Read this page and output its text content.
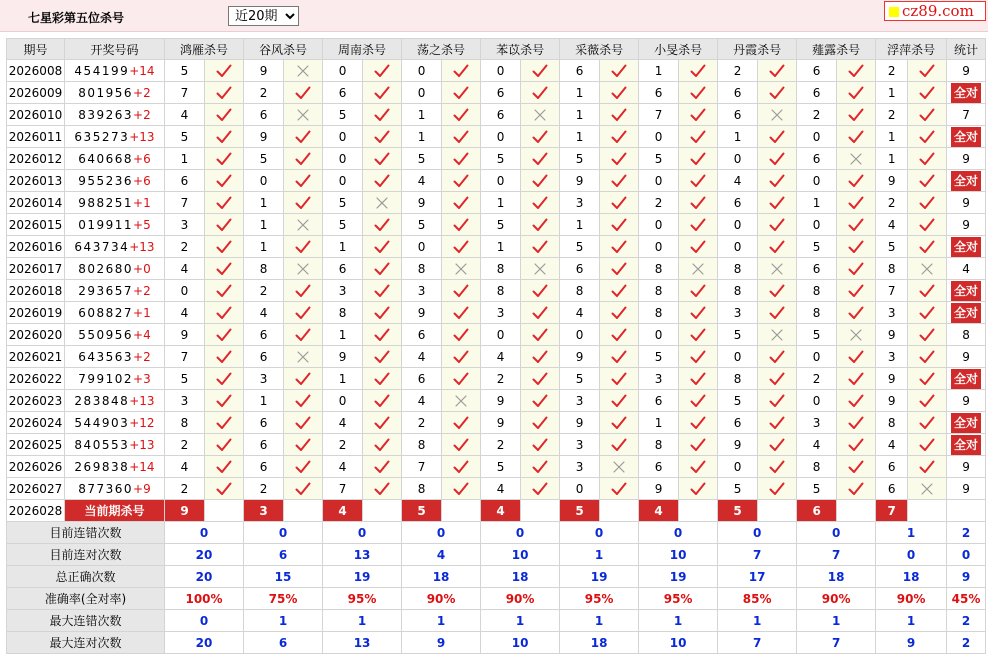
七星彩第五位杀号
近20期	cz89.com
期号	开奖号码	鸿雁杀号		谷风杀号		周南杀号		荡之杀号		苯苡杀号		采薇杀号		小旻杀号		丹霞杀号		薤露杀号		浮萍杀号		统计
2026008	454199+14	5		9		0		0		0		6		1		2		6		2		9
2026009	801956+2	7		2		6		0		6		1		6		6		6		1		全对
2026010	839263+2	4		6		5		1		6		1		7		6		2		2		7
2026011	635273+13	5		9		0		1		0		1		0		1		0		1		全对
2026012	640668+6	1		5		0		5		5		5		5		0		6		1		9
2026013	955236+6	6		0		0		4		0		9		0		4		0		9		全对
2026014	988251+1	7		1		5		9		1		3		2		6		1		2		9
2026015	019911+5	3		1		5		5		5		1		0		0		0		4		9
2026016	643734+13	2		1		1		0		1		5		0		0		5		5		全对
2026017	802680+0	4		8		6		8		8		6		8		8		6		8		4
2026018	293657+2	0		2		3		3		8		8		8		8		8		7		全对
2026019	608827+1	4		4		8		9		3		4		8		3		8		3		全对
2026020	550956+4	9		6		1		6		0		0		0		5		5		9		8
2026021	643563+2	7		6		9		4		4		9		5		0		0		3		9
2026022	799102+3	5		3		1		6		2		5		3		8		2		9		全对
2026023	283848+13	3		1		0		4		9		3		6		5		0		9		9
2026024	544903+12	8		6		4		2		9		9		1		6		3		8		全对
2026025	840553+13	2		6		2		8		2		3		8		9		4		4		全对
2026026	269838+14	4		6		4		7		5		3		6		0		8		6		9
2026027	877360+9	2		2		7		8		4		0		9		5		5		6		9
2026028	当前期杀号	9		3		4		5		4		5		4		5		6		7		
目前连错次数		0		0		0		0		0		0		0		0		0		1		2
目前连对次数		20		6		13		4		10		1		10		7		7		0		0
总正确次数		20		15		19		18		18		19		19		17		18		18		9
准确率(全对率)		100%		75%		95%		90%		90%		95%		95%		85%		90%		90%		45%
最大连错次数		0		1		1		1		1		1		1		1		1		1		2
最大连对次数		20		6		13		9		10		18		10		7		7		9		2
